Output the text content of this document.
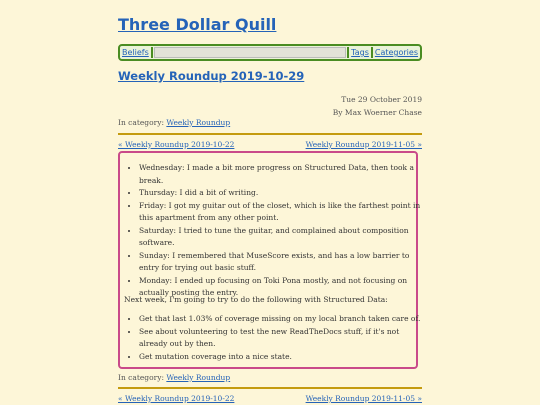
Three Dollar Quill
Beliefs	Tags Categories
Weekly Roundup 2019-10-29
Tue 29 October 2019
By Max Woerner Chase
In category: Weekly Roundup
« Weekly Roundup 2019-10-22	Weekly Roundup 2019-11-05 »
• Wednesday: I made a bit more progress on Structured Data, then took a break.
• Thursday: I did a bit of writing.
• Friday: I got my guitar out of the closet, which is like the farthest point in this apartment from any other point.
• Saturday: I tried to tune the guitar, and complained about composition software.
• Sunday: I remembered that MuseScore exists, and has a low barrier to entry for trying out basic stuff.
• Monday: I ended up focusing on Toki Pona mostly, and not focusing on actually posting the entry.

Next week, I'm going to try to do the following with Structured Data:

• Get that last 1.03% of coverage missing on my local branch taken care of.
• See about volunteering to test the new ReadTheDocs stuff, if it's not already out by then.
• Get mutation coverage into a nice state.
In category: Weekly Roundup
« Weekly Roundup 2019-10-22	Weekly Roundup 2019-11-05 »
